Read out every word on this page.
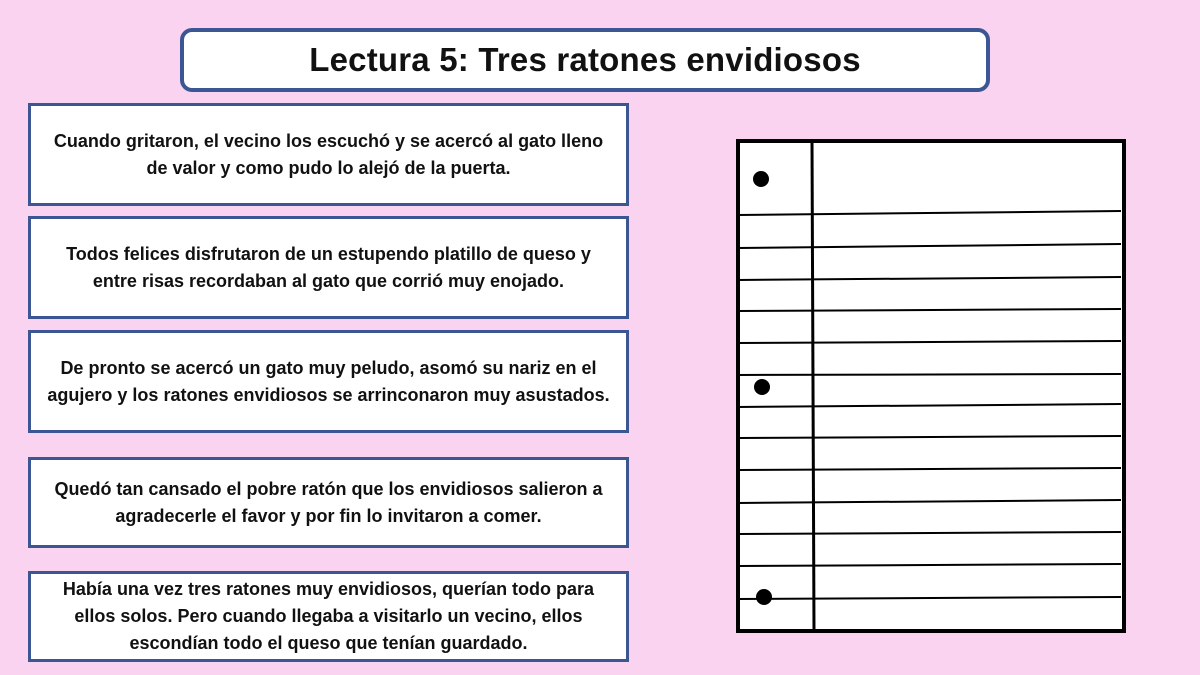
Lectura 5: Tres ratones envidiosos
Cuando gritaron, el vecino los escuchó y se acercó al gato lleno de valor y como pudo lo alejó de la puerta.
Todos felices disfrutaron de un estupendo platillo de queso y entre risas recordaban al gato que corrió muy enojado.
De pronto se acercó un gato muy peludo, asomó su nariz en el agujero y los ratones envidiosos se arrinconaron muy asustados.
Quedó tan cansado el pobre ratón que los envidiosos salieron a agradecerle el favor y por fin lo invitaron a comer.
Había una vez tres ratones muy envidiosos, querían todo para ellos solos. Pero cuando llegaba a visitarlo un vecino, ellos escondían todo el queso que tenían guardado.
